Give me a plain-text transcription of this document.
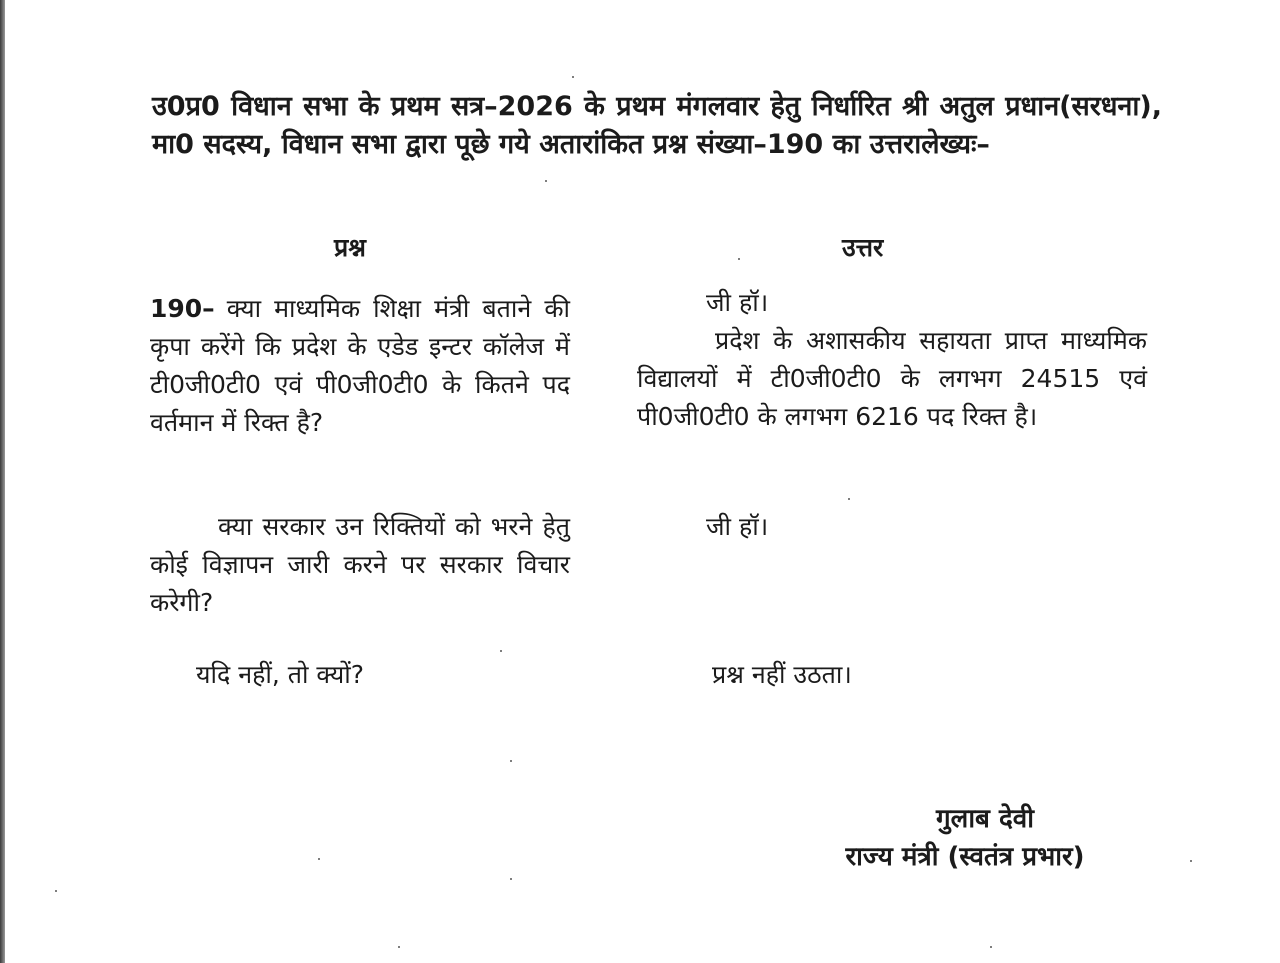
उ0प्र0 विधान सभा के प्रथम सत्र–2026 के प्रथम मंगलवार हेतु निर्धारित श्री अतुल प्रधान(सरधना), मा0 सदस्य, विधान सभा द्वारा पूछे गये अतारांकित प्रश्न संख्या–190 का उत्तरालेख्यः–
प्रश्न	उत्तर
190– क्या माध्यमिक शिक्षा मंत्री बताने की कृपा करेंगे कि प्रदेश के एडेड इन्टर कॉलेज में टी0जी0टी0 एवं पी0जी0टी0 के कितने पद वर्तमान में रिक्त है?
क्या सरकार उन रिक्तियों को भरने हेतु कोई विज्ञापन जारी करने पर सरकार विचार करेगी?
यदि नहीं, तो क्यों?
जी हॉ।
प्रदेश के अशासकीय सहायता प्राप्त माध्यमिक विद्यालयों में टी0जी0टी0 के लगभग 24515 एवं पी0जी0टी0 के लगभग 6216 पद रिक्त है।
जी हॉ।
प्रश्न नहीं उठता।
गुलाब देवी
राज्य मंत्री (स्वतंत्र प्रभार)
